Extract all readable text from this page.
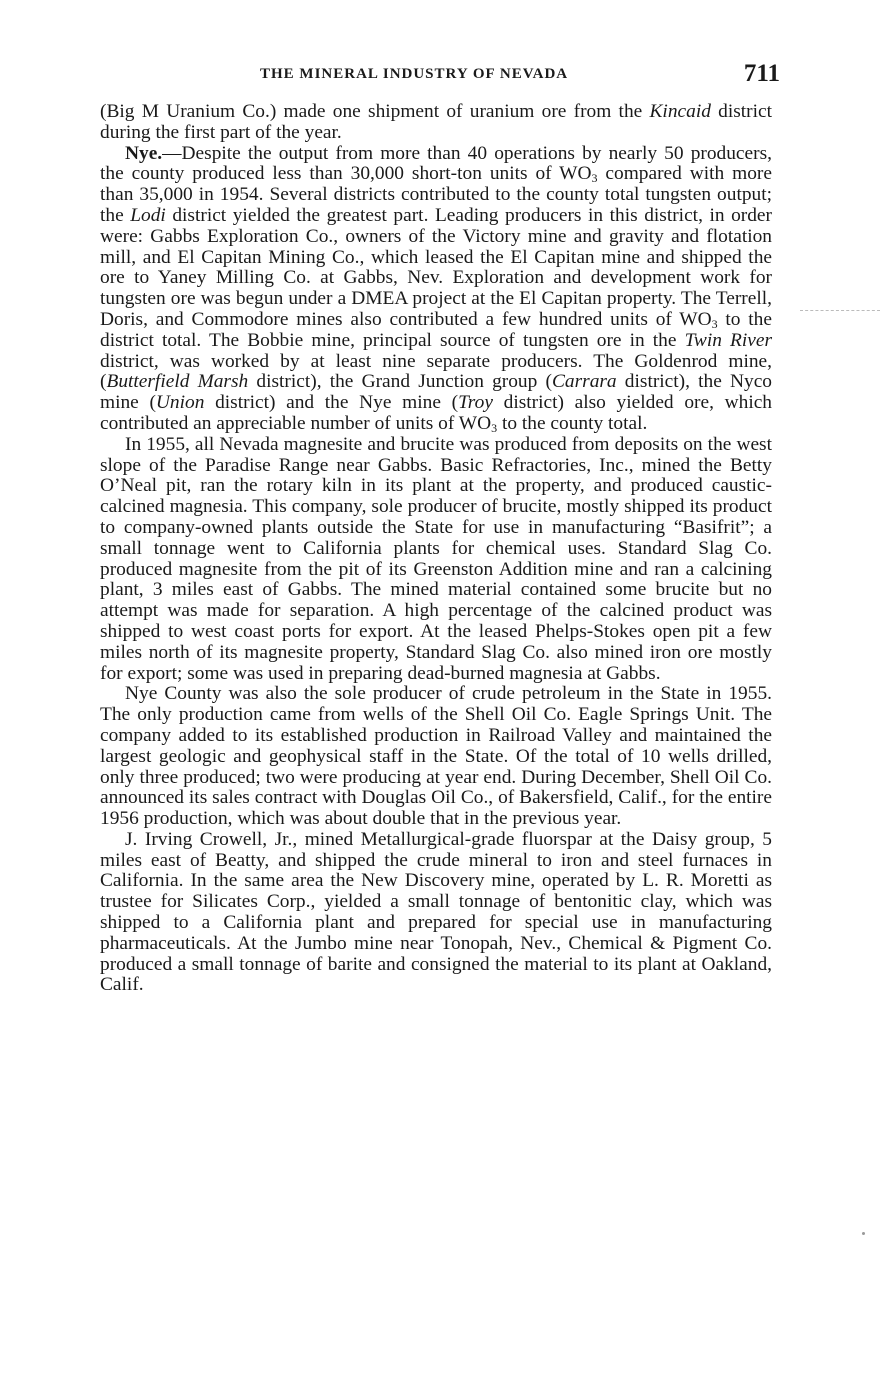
THE MINERAL INDUSTRY OF NEVADA	711

(Big M Uranium Co.) made one shipment of uranium ore from the Kincaid district during the first part of the year.

Nye.—Despite the output from more than 40 operations by nearly 50 producers, the county produced less than 30,000 short-ton units of $WO_3$ compared with more than 35,000 in 1954. Several districts contributed to the county total tungsten output; the Lodi district yielded the greatest part. Leading producers in this district, in order were: Gabbs Exploration Co., owners of the Victory mine and gravity and flotation mill, and El Capitan Mining Co., which leased the El Capitan mine and shipped the ore to Yaney Milling Co. at Gabbs, Nev. Exploration and development work for tungsten ore was begun under a DMEA project at the El Capitan property. The Terrell, Doris, and Commodore mines also contributed a few hundred units of $WO_3$ to the district total. The Bobbie mine, principal source of tungsten ore in the Twin River district, was worked by at least nine separate producers. The Goldenrod mine, (Butterfield Marsh district), the Grand Junction group (Carrara district), the Nyco mine (Union district) and the Nye mine (Troy district) also yielded ore, which contributed an appreciable number of units of $WO_3$ to the county total.

In 1955, all Nevada magnesite and brucite was produced from deposits on the west slope of the Paradise Range near Gabbs. Basic Refractories, Inc., mined the Betty O’Neal pit, ran the rotary kiln in its plant at the property, and produced caustic-calcined magnesia. This company, sole producer of brucite, mostly shipped its product to company-owned plants outside the State for use in manufacturing “Basifrit”; a small tonnage went to California plants for chemical uses. Standard Slag Co. produced magnesite from the pit of its Greenston Addition mine and ran a calcining plant, 3 miles east of Gabbs. The mined material contained some brucite but no attempt was made for separation. A high percentage of the calcined product was shipped to west coast ports for export. At the leased Phelps-Stokes open pit a few miles north of its magnesite property, Standard Slag Co. also mined iron ore mostly for export; some was used in preparing dead-burned magnesia at Gabbs.

Nye County was also the sole producer of crude petroleum in the State in 1955. The only production came from wells of the Shell Oil Co. Eagle Springs Unit. The company added to its established production in Railroad Valley and maintained the largest geologic and geophysical staff in the State. Of the total of 10 wells drilled, only three produced; two were producing at year end. During December, Shell Oil Co. announced its sales contract with Douglas Oil Co., of Bakersfield, Calif., for the entire 1956 production, which was about double that in the previous year.

J. Irving Crowell, Jr., mined Metallurgical-grade fluorspar at the Daisy group, 5 miles east of Beatty, and shipped the crude mineral to iron and steel furnaces in California. In the same area the New Discovery mine, operated by L. R. Moretti as trustee for Silicates Corp., yielded a small tonnage of bentonitic clay, which was shipped to a California plant and prepared for special use in manufacturing pharmaceuticals. At the Jumbo mine near Tonopah, Nev., Chemical & Pigment Co. produced a small tonnage of barite and consigned the material to its plant at Oakland, Calif.
